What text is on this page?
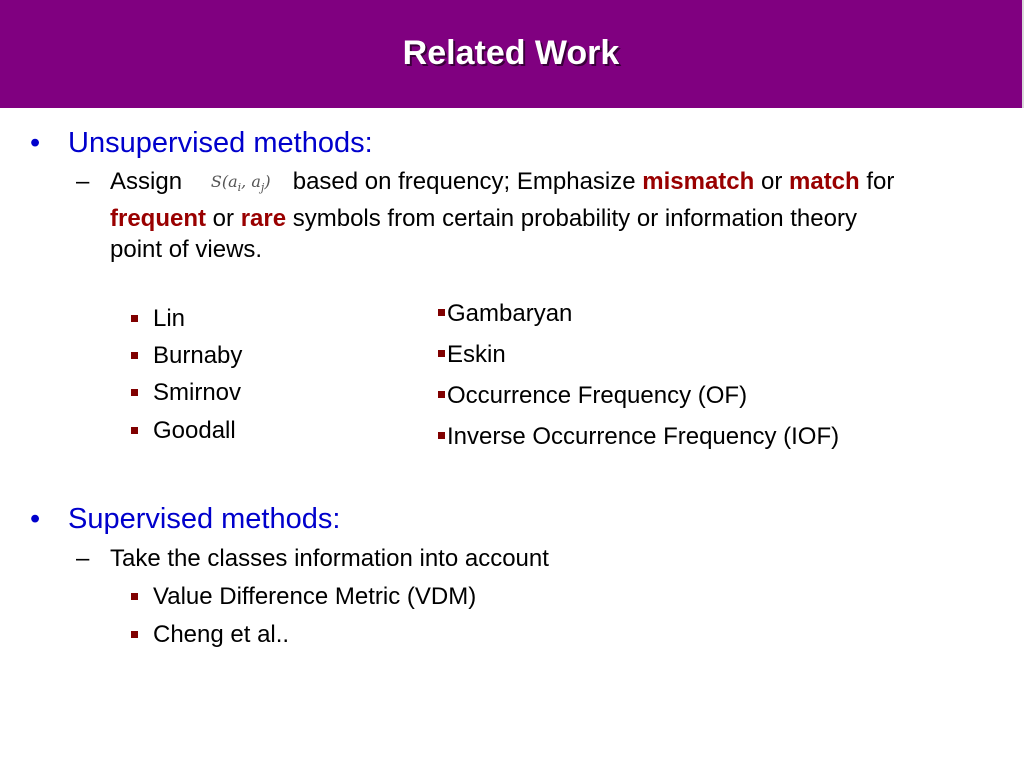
Related Work
• Unsupervised methods:
– Assign $S(a_i$, $a_j$) based on frequency; Emphasize mismatch or match for
frequent or rare symbols from certain probability or information theory
point of views.
Lin
Burnaby
Smirnov
Goodall
Gambaryan
Eskin
Occurrence Frequency (OF)
Inverse Occurrence Frequency (IOF)
• Supervised methods:
– Take the classes information into account
Value Difference Metric (VDM)
Cheng et al..
